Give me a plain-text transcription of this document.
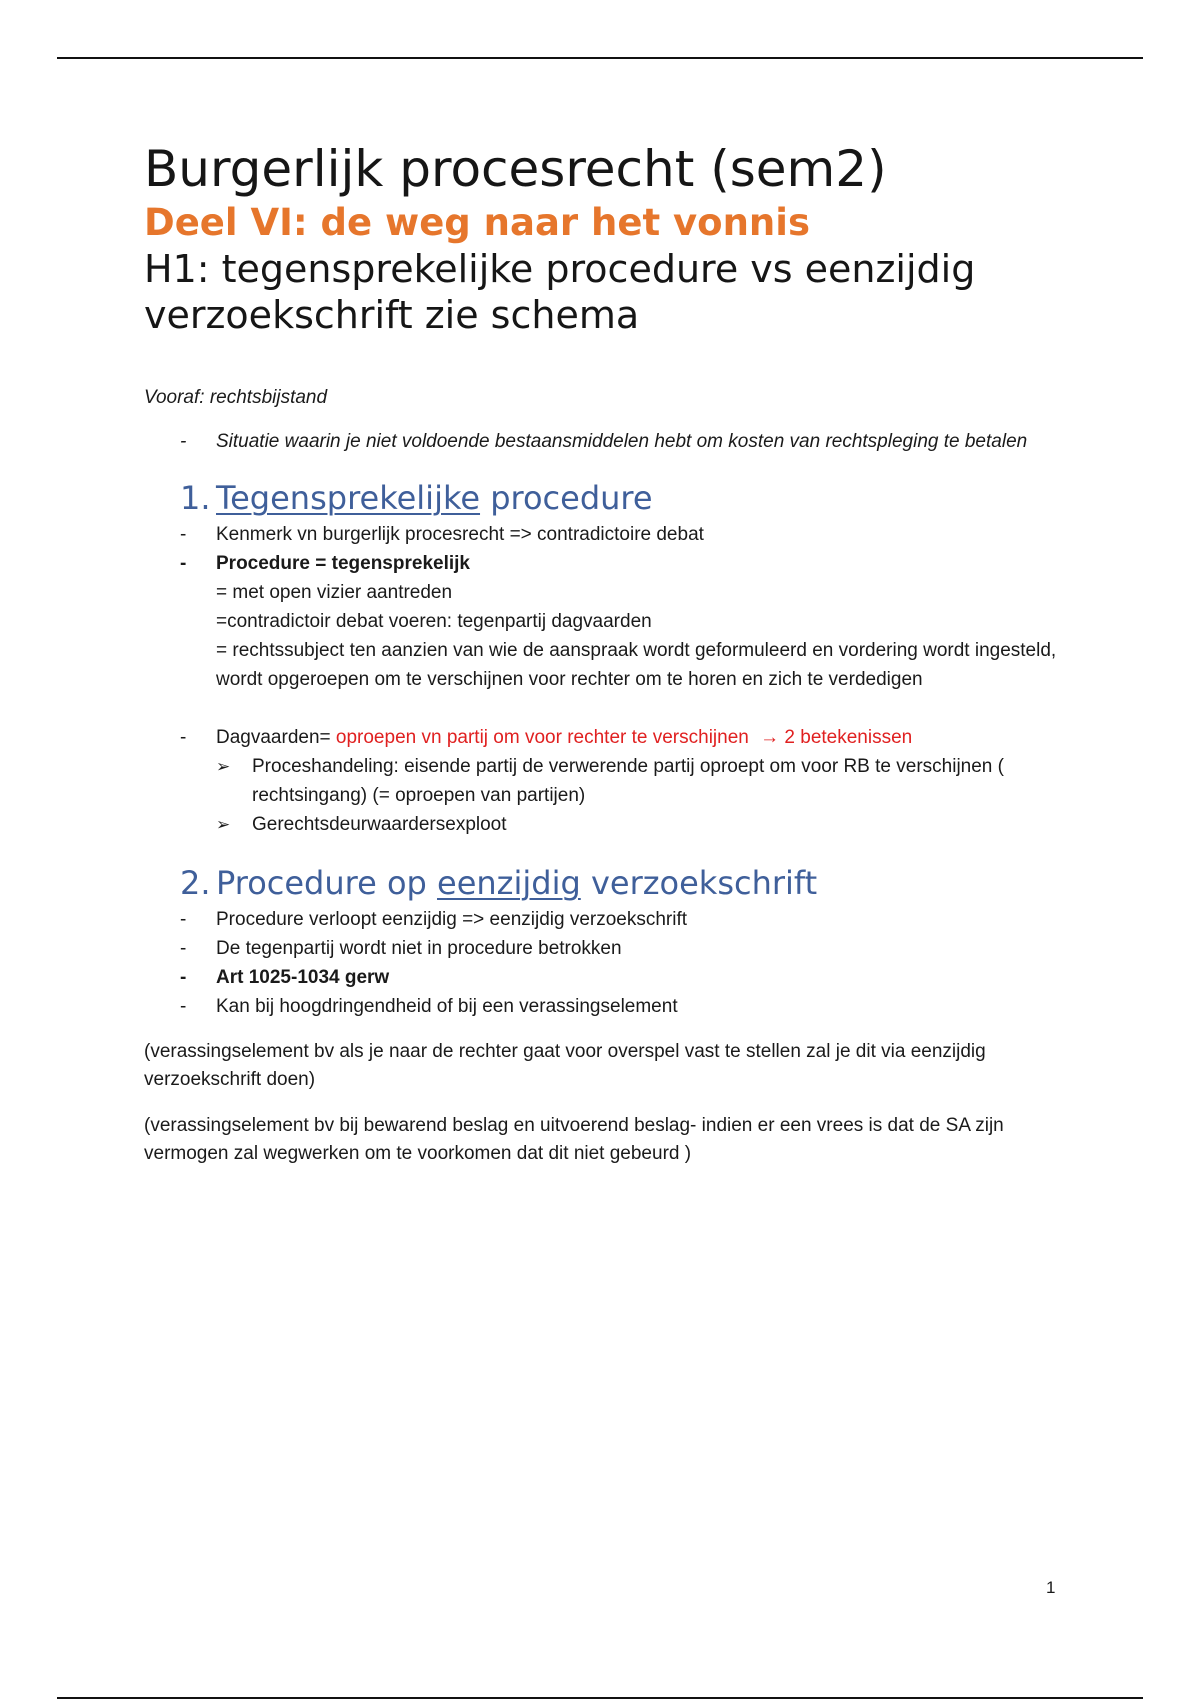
Burgerlijk procesrecht (sem2)
Deel VI: de weg naar het vonnis
H1: tegensprekelijke procedure vs eenzijdig verzoekschrift zie schema
Vooraf: rechtsbijstand
- Situatie waarin je niet voldoende bestaansmiddelen hebt om kosten van rechtspleging te betalen
1. Tegensprekelijke procedure
- Kenmerk vn burgerlijk procesrecht => contradictoire debat
- Procedure = tegensprekelijk
= met open vizier aantreden
=contradictoir debat voeren: tegenpartij dagvaarden
= rechtssubject ten aanzien van wie de aanspraak wordt geformuleerd en vordering wordt ingesteld, wordt opgeroepen om te verschijnen voor rechter om te horen en zich te verdedigen
- Dagvaarden= oproepen vn partij om voor rechter te verschijnen → 2 betekenissen
➢ Proceshandeling: eisende partij de verwerende partij oproept om voor RB te verschijnen ( rechtsingang) (= oproepen van partijen)
➢ Gerechtsdeurwaardersexploot
2. Procedure op eenzijdig verzoekschrift
- Procedure verloopt eenzijdig => eenzijdig verzoekschrift
- De tegenpartij wordt niet in procedure betrokken
- Art 1025-1034 gerw
- Kan bij hoogdringendheid of bij een verassingselement

(verassingselement bv als je naar de rechter gaat voor overspel vast te stellen zal je dit via eenzijdig verzoekschrift doen)

(verassingselement bv bij bewarend beslag en uitvoerend beslag- indien er een vrees is dat de SA zijn vermogen zal wegwerken om te voorkomen dat dit niet gebeurd )

1
